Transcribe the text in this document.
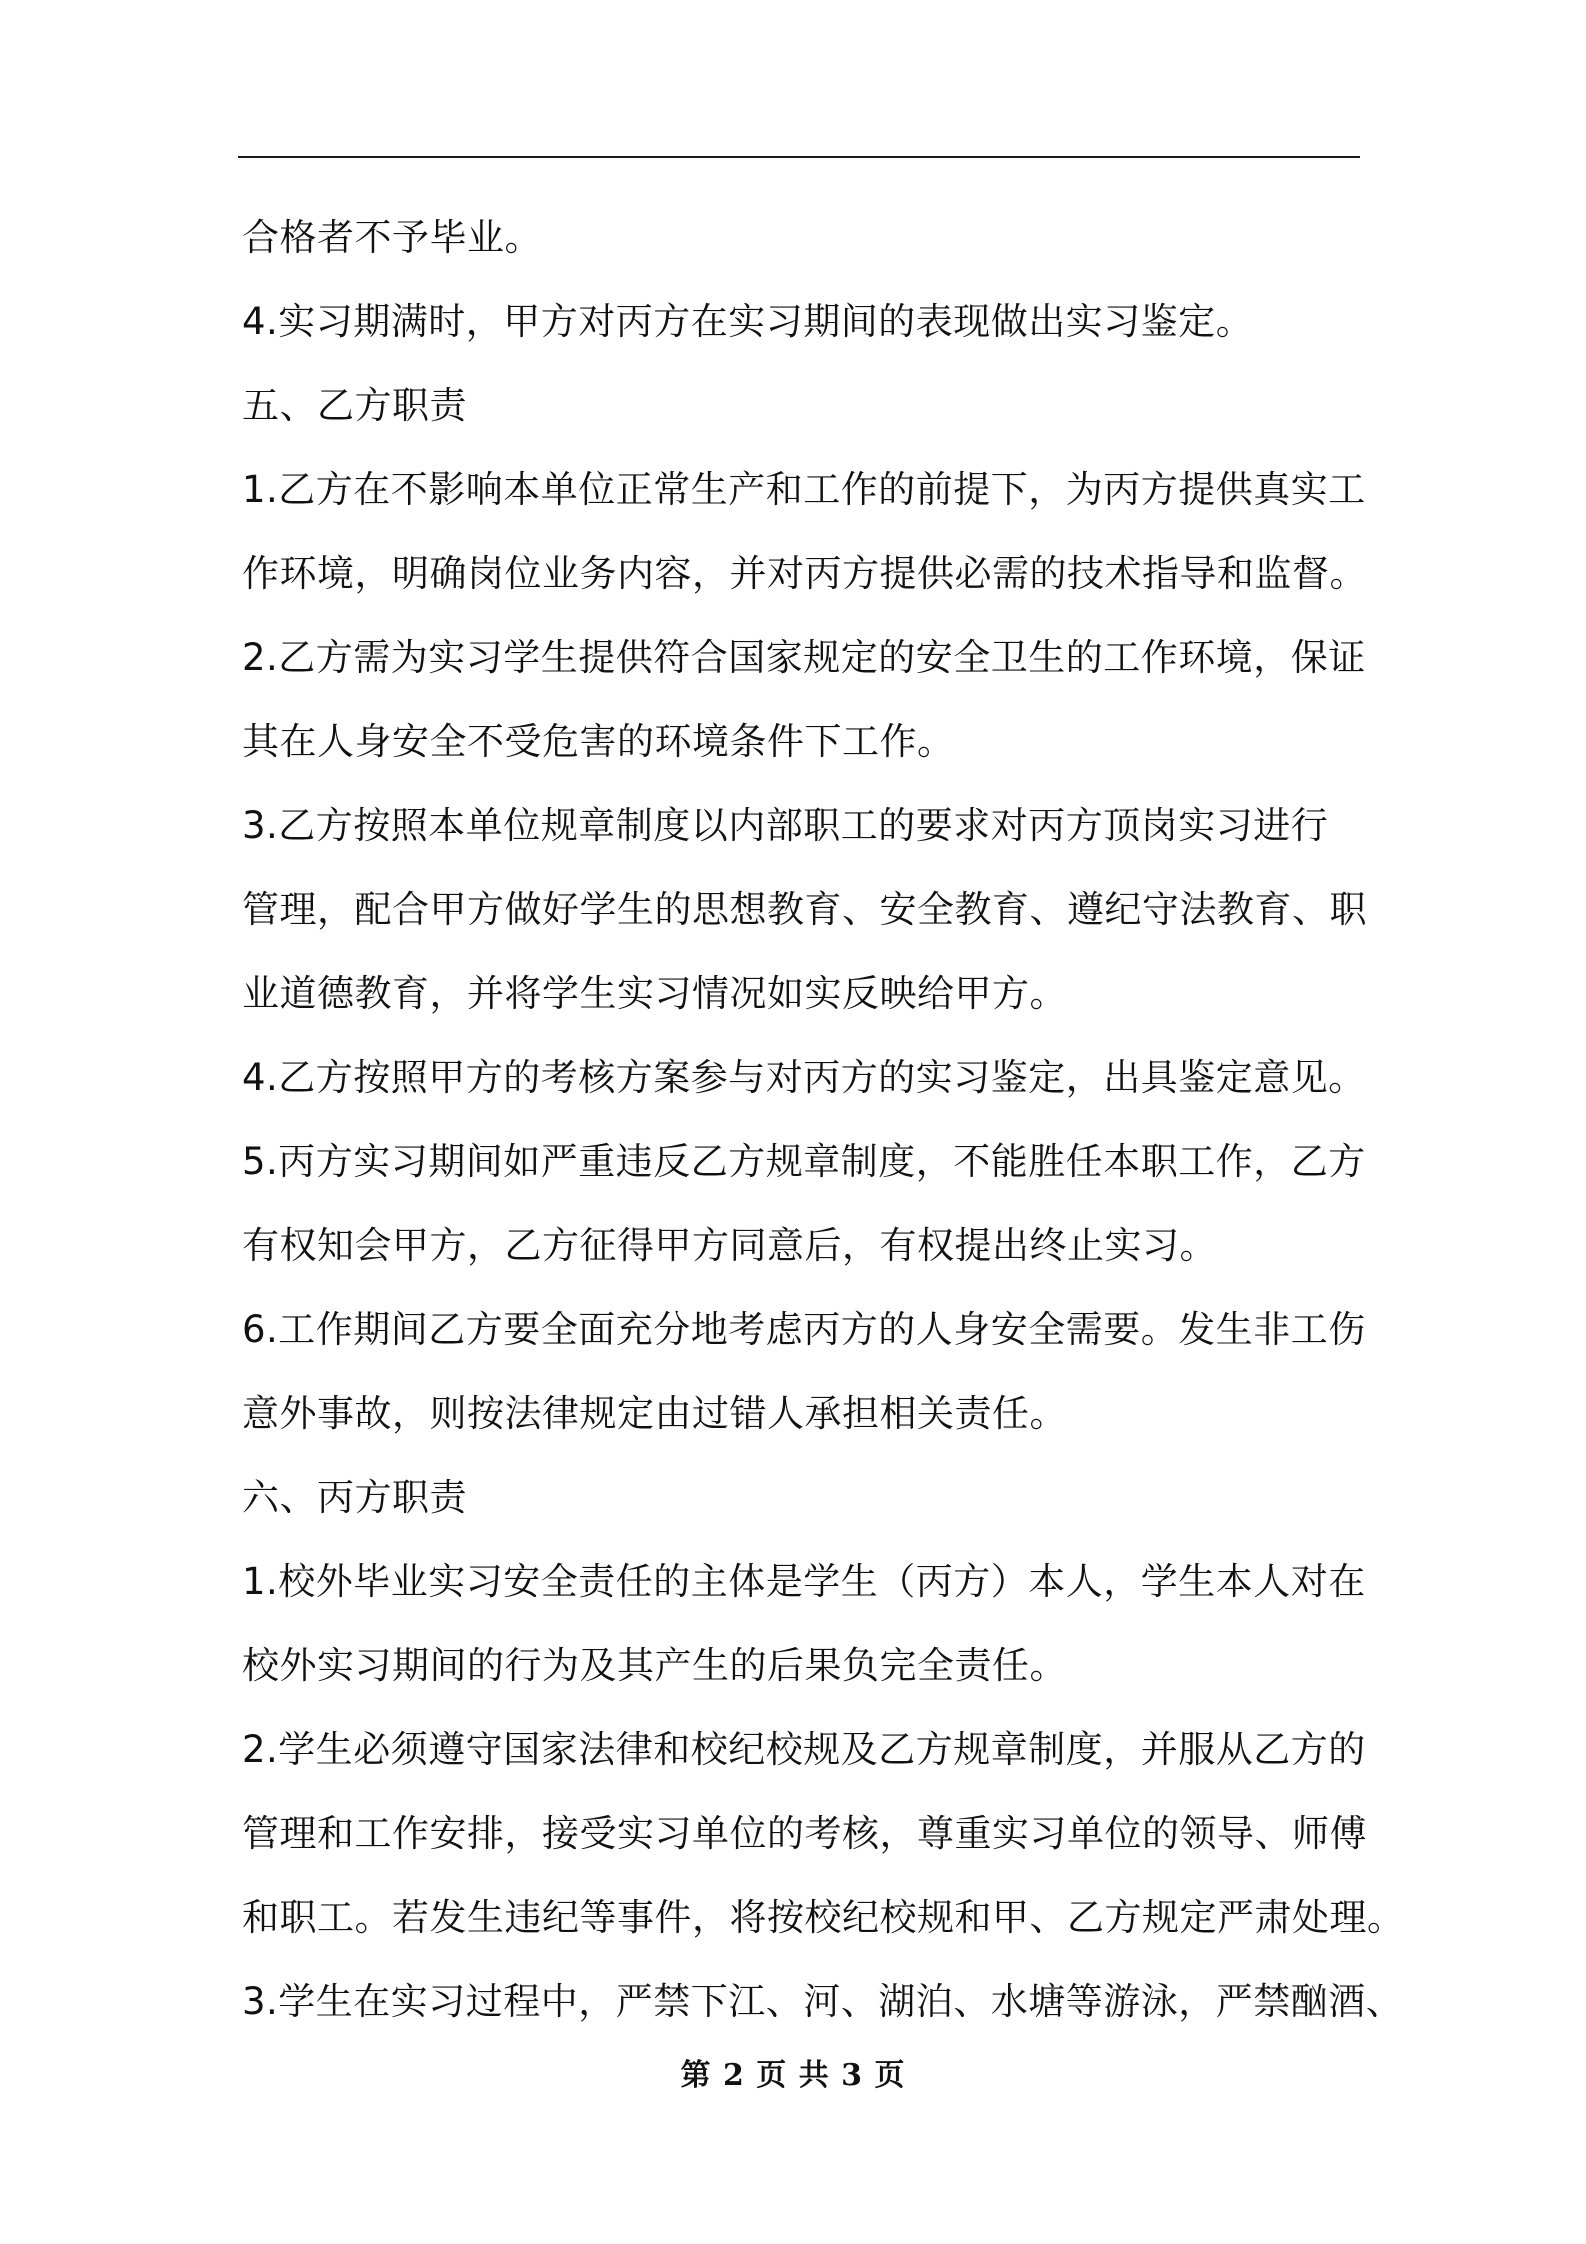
合格者不予毕业。
4.实习期满时，甲方对丙方在实习期间的表现做出实习鉴定。
五、乙方职责
1.乙方在不影响本单位正常生产和工作的前提下，为丙方提供真实工
作环境，明确岗位业务内容，并对丙方提供必需的技术指导和监督。
2.乙方需为实习学生提供符合国家规定的安全卫生的工作环境，保证
其在人身安全不受危害的环境条件下工作。
3.乙方按照本单位规章制度以内部职工的要求对丙方顶岗实习进行
管理，配合甲方做好学生的思想教育、安全教育、遵纪守法教育、职
业道德教育，并将学生实习情况如实反映给甲方。
4.乙方按照甲方的考核方案参与对丙方的实习鉴定，出具鉴定意见。
5.丙方实习期间如严重违反乙方规章制度，不能胜任本职工作，乙方
有权知会甲方，乙方征得甲方同意后，有权提出终止实习。
6.工作期间乙方要全面充分地考虑丙方的人身安全需要。发生非工伤
意外事故，则按法律规定由过错人承担相关责任。
六、丙方职责
1.校外毕业实习安全责任的主体是学生（丙方）本人，学生本人对在
校外实习期间的行为及其产生的后果负完全责任。
2.学生必须遵守国家法律和校纪校规及乙方规章制度，并服从乙方的
管理和工作安排，接受实习单位的考核，尊重实习单位的领导、师傅
和职工。若发生违纪等事件，将按校纪校规和甲、乙方规定严肃处理。
3.学生在实习过程中，严禁下江、河、湖泊、水塘等游泳，严禁酗酒、
第 2 页 共 3 页
